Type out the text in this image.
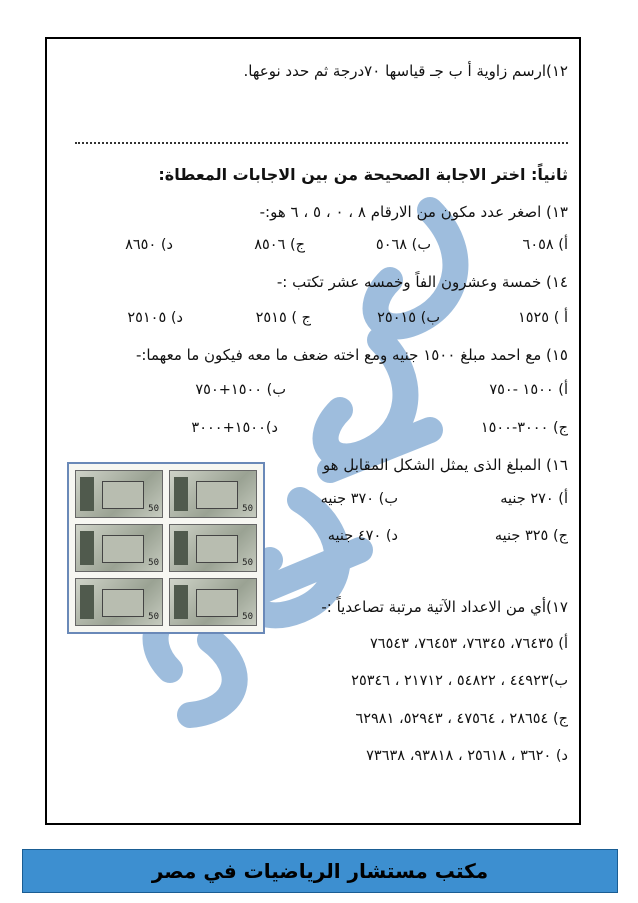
١٢)ارسم زاوية أ ب جـ قياسها ٧٠درجة ثم حدد نوعها.
ثانياً: اختر الاجابة الصحيحة من بين الاجابات المعطاة:
١٣) اصغر عدد مكون من الارقام ٨ ، ٠ ، ٥ ، ٦ هو:-
أ) ٦٠٥٨
ب) ٥٠٦٨
ج) ٨٥٠٦
د) ٨٦٥٠
١٤) خمسة وعشرون الفاً وخمسه عشر تكتب :-
أ ) ١٥٢٥
ب) ٢٥٠١٥
ج ) ٢٥١٥
د) ٢٥١٠٥
١٥) مع احمد مبلغ ١٥٠٠ جنيه ومع اخته ضعف ما معه فيكون ما معهما:-
أ) ١٥٠٠ -٧٥٠
ب) ١٥٠٠+٧٥٠
ج) ٣٠٠٠-١٥٠٠
د)١٥٠٠+٣٠٠٠
١٦) المبلغ الذى يمثل الشكل المقابل هو
أ) ٢٧٠ جنيه
ب) ٣٧٠ جنيه
ج) ٣٢٥ جنيه
د) ٤٧٠ جنيه
50	50
50	50
50	50
١٧)أي من الاعداد الآتية مرتبة تصاعدياً :-
أ) ٧٦٤٣٥، ٧٦٣٤٥، ٧٦٤٥٣، ٧٦٥٤٣
ب)٤٤٩٢٣ ، ٥٤٨٢٢ ، ٢١٧١٢ ، ٢٥٣٤٦
ج) ٢٨٦٥٤ ، ٤٧٥٦٤ ، ٥٢٩٤٣، ٦٢٩٨١
د) ٣٦٢٠ ، ٢٥٦١٨ ، ٩٣٨١٨، ٧٣٦٣٨
مكتب مستشار الرياضيات في مصر
